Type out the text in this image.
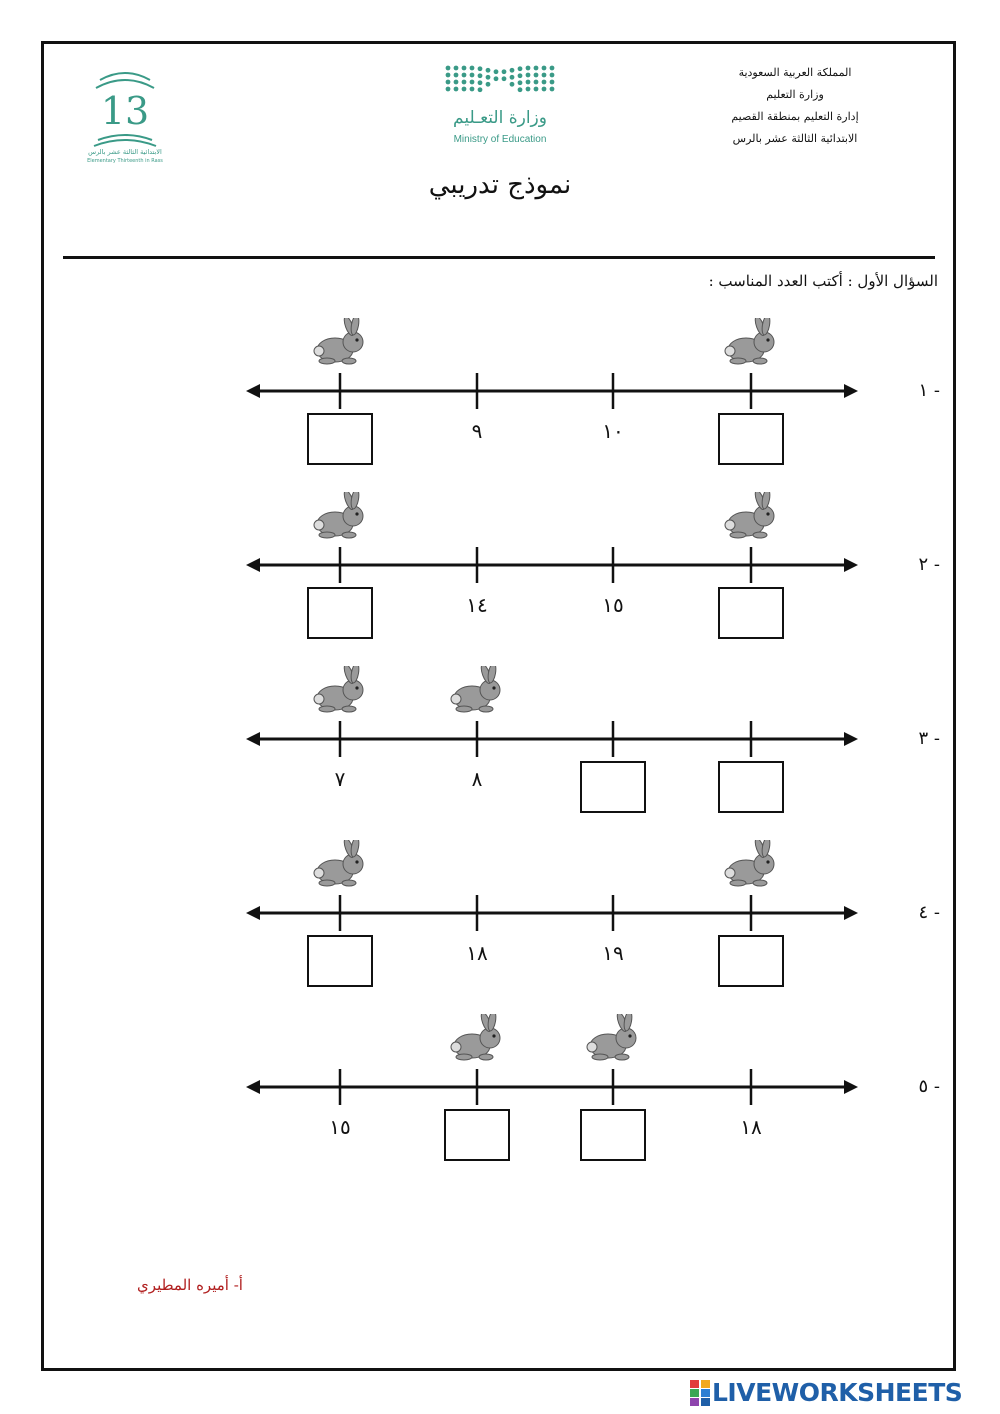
المملكة العربية السعودية
وزارة التعليم
إدارة التعليم بمنطقة القصيم
الابتدائية الثالثة عشر بالرس
وزارة التعـليم
Ministry of Education
13
الابتدائية الثالثة عشر بالرس
Elementary Thirteenth in Rass
نموذج تدريبي
السؤال الأول : أكتب العدد المناسب :
١ -
٩	١٠
٢ -
١٤	١٥
٣ -
٧	٨
٤ -
١٨	١٩
٥ -
١٥	١٨
أ- أميره المطيري
LIVEWORKSHEETS
